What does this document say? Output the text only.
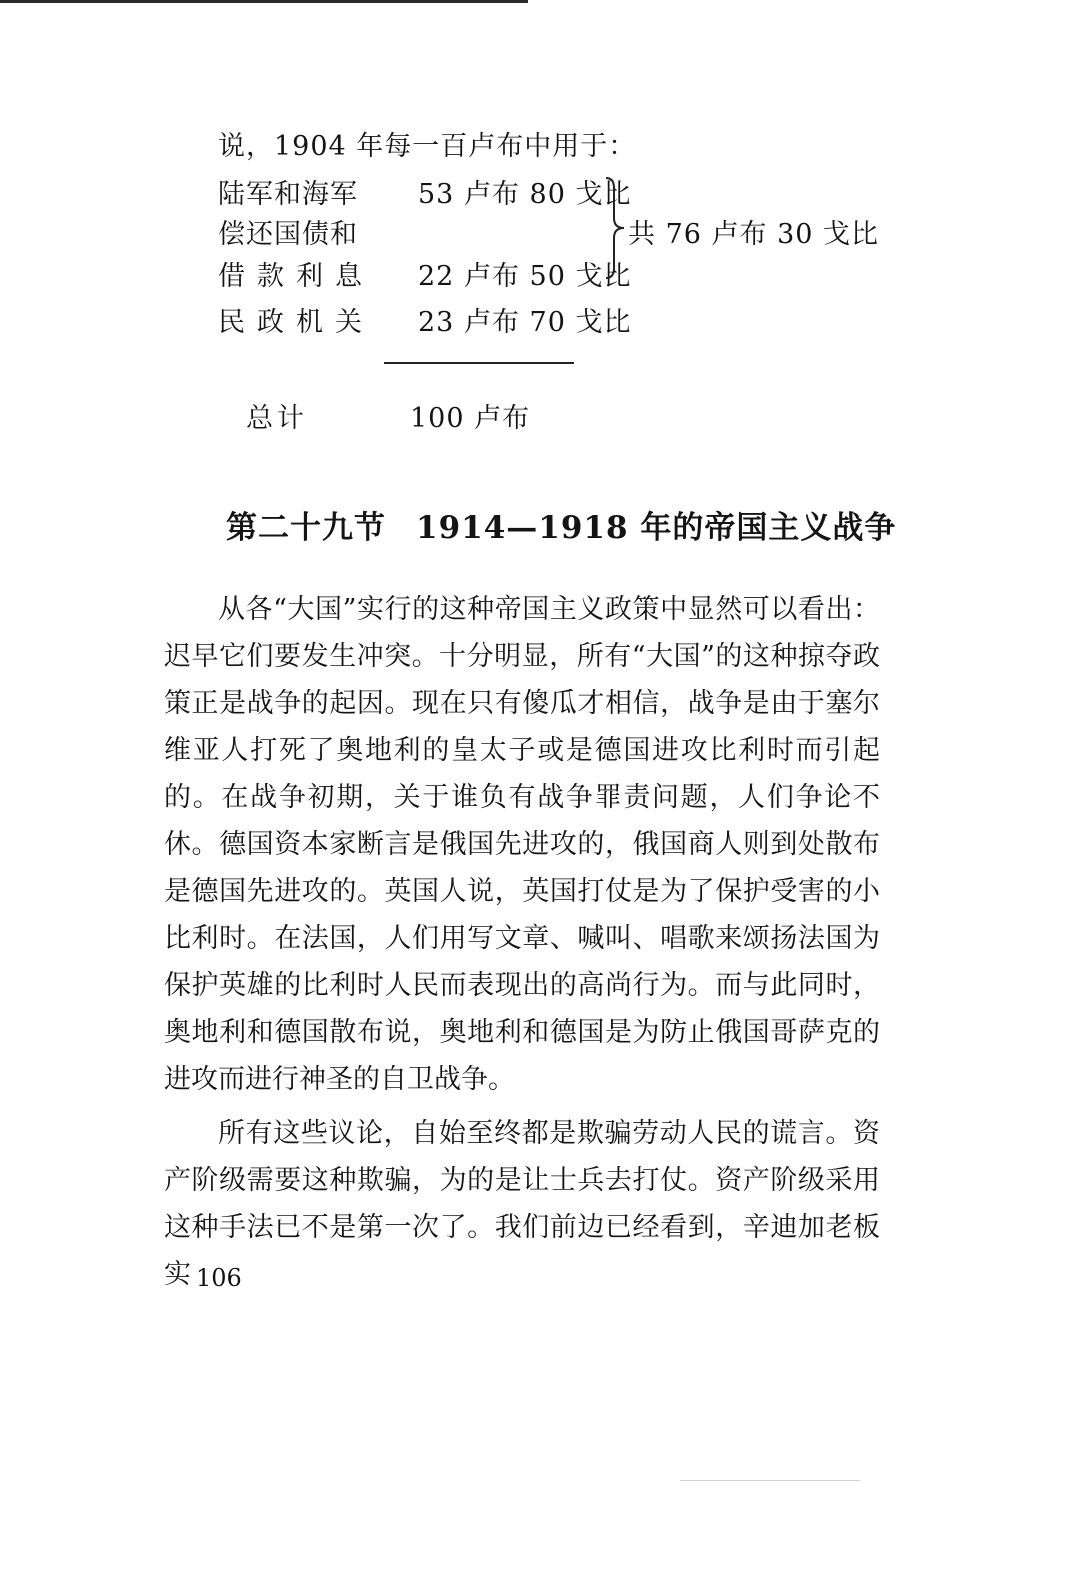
说，1904 年每一百卢布中用于：
陆军和海军 53 卢布 80 戈比
偿还国债和
借款利息 22 卢布 50 戈比
民政机关 23 卢布 70 戈比
共 76 卢布 30 戈比
总计	100 卢布
第二十九节 1914—1918 年的帝国主义战争

从各“大国”实行的这种帝国主义政策中显然可以看出：迟早它们要发生冲突。十分明显，所有“大国”的这种掠夺政策正是战争的起因。现在只有傻瓜才相信，战争是由于塞尔维亚人打死了奥地利的皇太子或是德国进攻比利时而引起的。在战争初期，关于谁负有战争罪责问题，人们争论不休。德国资本家断言是俄国先进攻的，俄国商人则到处散布是德国先进攻的。英国人说，英国打仗是为了保护受害的小比利时。在法国，人们用写文章、喊叫、唱歌来颂扬法国为保护英雄的比利时人民而表现出的高尚行为。而与此同时，奥地利和德国散布说，奥地利和德国是为防止俄国哥萨克的进攻而进行神圣的自卫战争。

所有这些议论，自始至终都是欺骗劳动人民的谎言。资产阶级需要这种欺骗，为的是让士兵去打仗。资产阶级采用这种手法已不是第一次了。我们前边已经看到，辛迪加老板实 106
